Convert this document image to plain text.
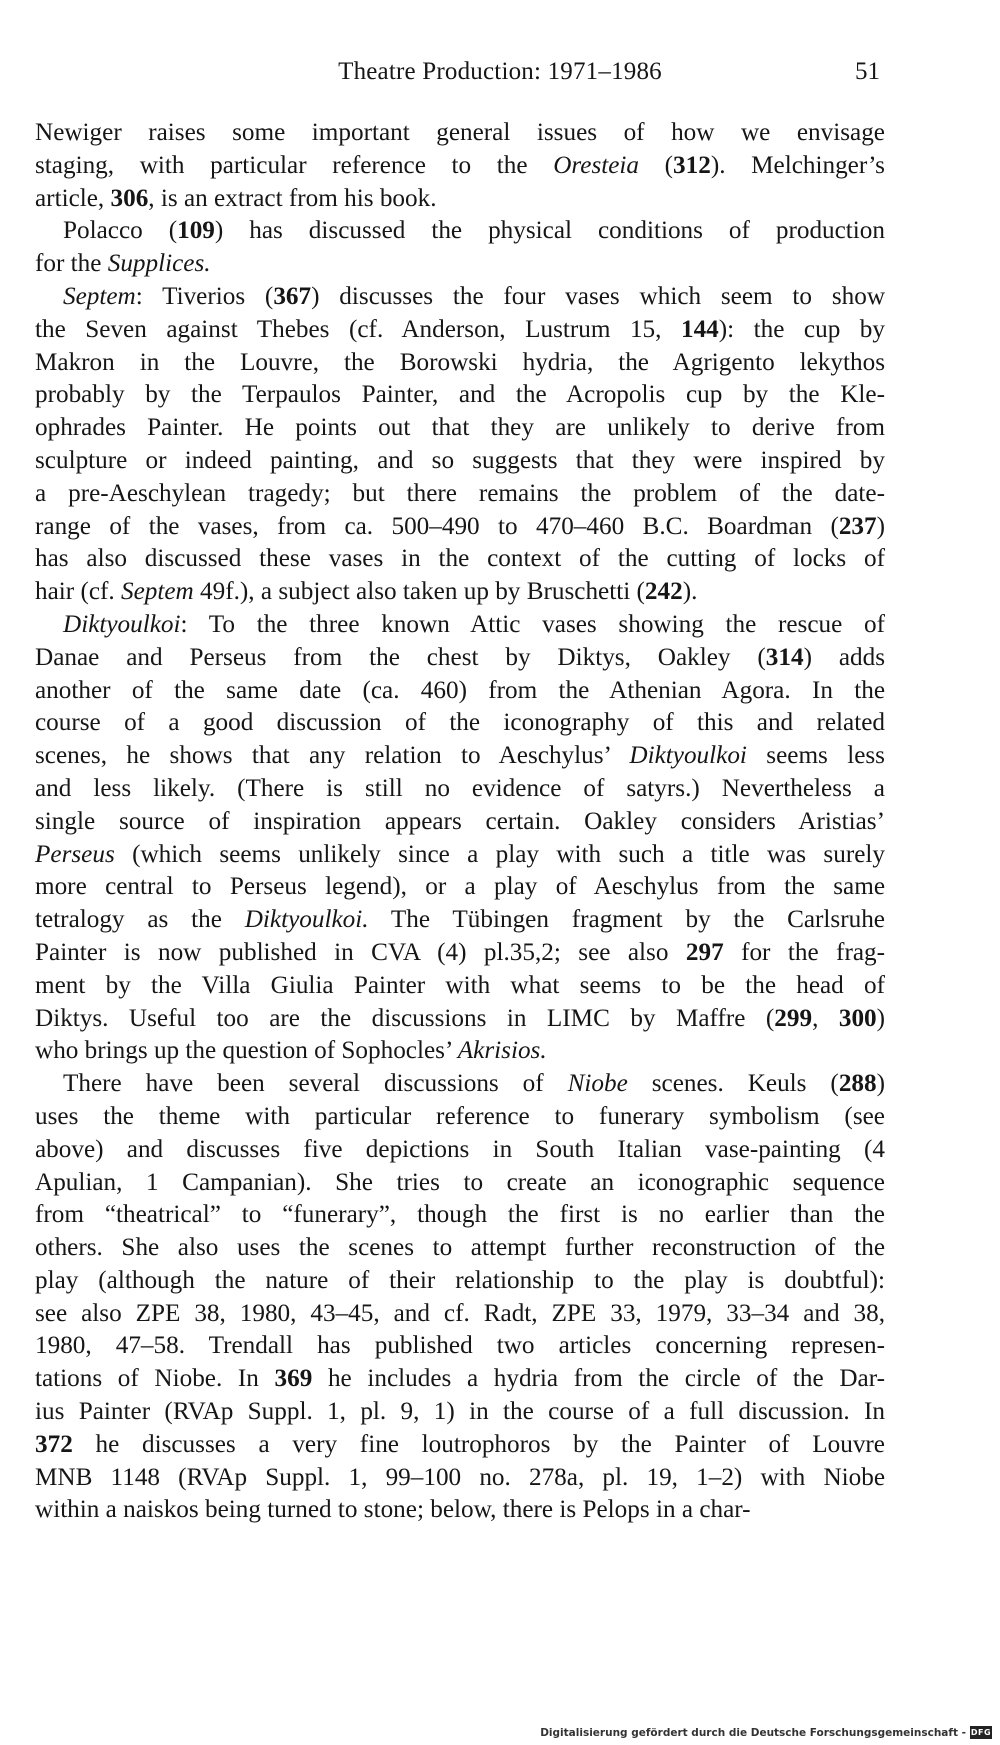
Theatre Production: 1971–1986	51
Newiger raises some important general issues of how we envisage
staging, with particular reference to the Oresteia ( 312 ). Melchinger’s
article, 306 , is an extract from his book.
Polacco ( 109 ) has discussed the physical conditions of production
for the Supplices.
Septem : Tiverios ( 367 ) discusses the four vases which seem to show
the Seven against Thebes (cf. Anderson, Lustrum 15, 144 ): the cup by
Makron in the Louvre, the Borowski hydria, the Agrigento lekythos
probably by the Terpaulos Painter, and the Acropolis cup by the Kle-
ophrades Painter. He points out that they are unlikely to derive from
sculpture or indeed painting, and so suggests that they were inspired by
a pre-Aeschylean tragedy; but there remains the problem of the date-
range of the vases, from ca. 500–490 to 470–460 B.C. Boardman ( 237 )
has also discussed these vases in the context of the cutting of locks of
hair (cf. Septem 49f.), a subject also taken up by Bruschetti ( 242 ).
Diktyoulkoi : To the three known Attic vases showing the rescue of
Danae and Perseus from the chest by Diktys, Oakley ( 314 ) adds
another of the same date (ca. 460) from the Athenian Agora. In the
course of a good discussion of the iconography of this and related
scenes, he shows that any relation to Aeschylus’ Diktyoulkoi seems less
and less likely. (There is still no evidence of satyrs.) Nevertheless a
single source of inspiration appears certain. Oakley considers Aristias’
Perseus (which seems unlikely since a play with such a title was surely
more central to Perseus legend), or a play of Aeschylus from the same
tetralogy as the Diktyoulkoi. The Tübingen fragment by the Carlsruhe
Painter is now published in CVA (4) pl.35,2; see also 297 for the frag-
ment by the Villa Giulia Painter with what seems to be the head of
Diktys. Useful too are the discussions in LIMC by Maffre ( 299 , 300 )
who brings up the question of Sophocles’ Akrisios.
There have been several discussions of Niobe scenes. Keuls ( 288 )
uses the theme with particular reference to funerary symbolism (see
above) and discusses five depictions in South Italian vase-painting (4
Apulian, 1 Campanian). She tries to create an iconographic sequence
from “theatrical” to “funerary”, though the first is no earlier than the
others. She also uses the scenes to attempt further reconstruction of the
play (although the nature of their relationship to the play is doubtful):
see also ZPE 38, 1980, 43–45, and cf. Radt, ZPE 33, 1979, 33–34 and 38,
1980, 47–58. Trendall has published two articles concerning represen-
tations of Niobe. In 369 he includes a hydria from the circle of the Dar-
ius Painter (RVAp Suppl. 1, pl. 9, 1) in the course of a full discussion. In
372 he discusses a very fine loutrophoros by the Painter of Louvre
MNB 1148 (RVAp Suppl. 1, 99–100 no. 278a, pl. 19, 1–2) with Niobe
within a naiskos being turned to stone; below, there is Pelops in a char-
Digitalisierung gefördert durch die Deutsche Forschungsgemeinschaft - DFG
